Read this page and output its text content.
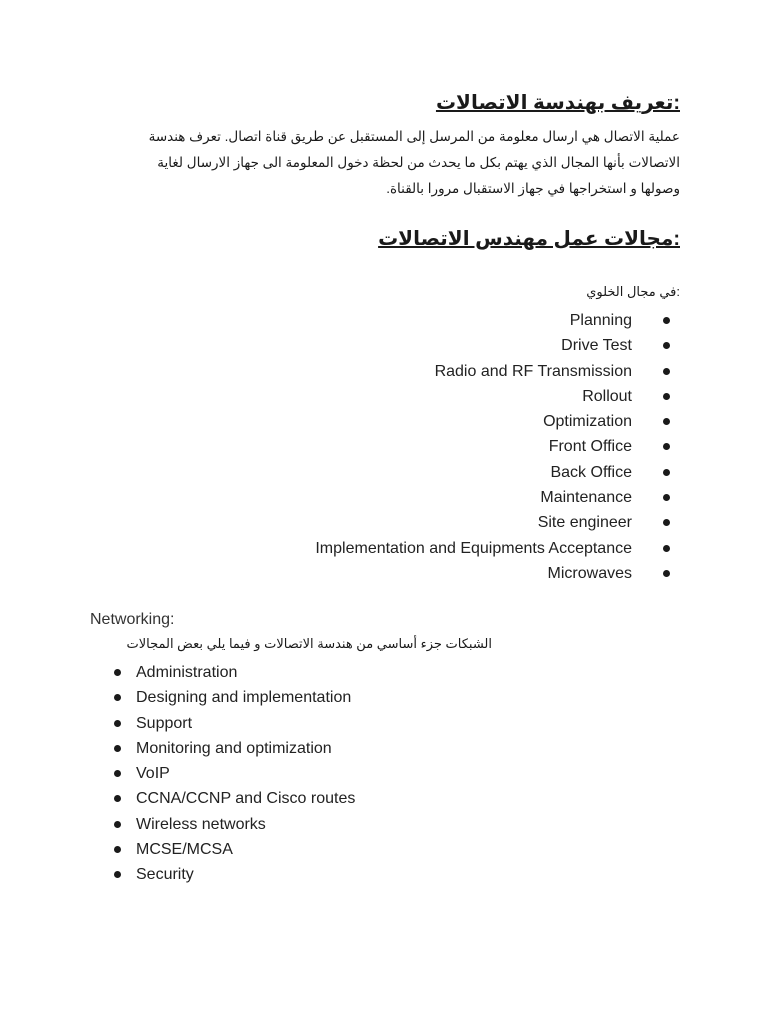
:تعريف بهندسة الاتصالات
عملية الاتصال هي ارسال معلومة من المرسل إلى المستقبل عن طريق قناة اتصال. تعرف هندسة الاتصالات بأنها المجال الذي يهتم بكل ما يحدث من لحظة دخول المعلومة الى جهاز الارسال لغاية وصولها و استخراجها في جهاز الاستقبال مرورا بالقناة.
:مجالات عمل مهندس الاتصالات
:في مجال الخلوي
Planning
Drive Test
Radio and RF Transmission
Rollout
Optimization
Front Office
Back Office
Maintenance
Site engineer
Implementation and Equipments Acceptance
Microwaves
Networking:
الشبكات جزء أساسي من هندسة الاتصالات و فيما يلي بعض المجالات
Administration
Designing and implementation
Support
Monitoring and optimization
VoIP
CCNA/CCNP and Cisco routes
Wireless networks
MCSE/MCSA
Security
